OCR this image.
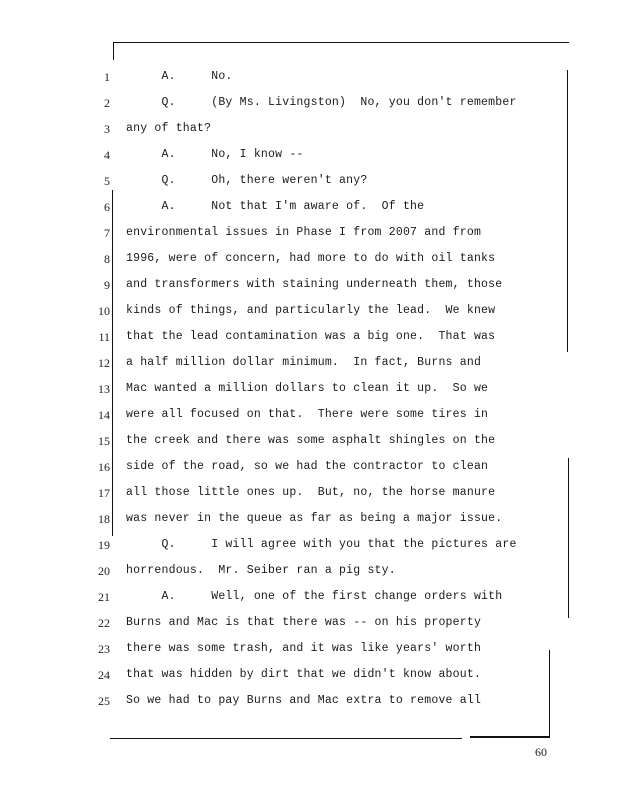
1 A.     No.
2 Q.     (By Ms. Livingston)  No, you don't remember
3 any of that?
4 A.     No, I know --
5 Q.     Oh, there weren't any?
6 A.     Not that I'm aware of.  Of the
7 environmental issues in Phase I from 2007 and from
8 1996, were of concern, had more to do with oil tanks
9 and transformers with staining underneath them, those
10 kinds of things, and particularly the lead.  We knew
11 that the lead contamination was a big one.  That was
12 a half million dollar minimum.  In fact, Burns and
13 Mac wanted a million dollars to clean it up.  So we
14 were all focused on that.  There were some tires in
15 the creek and there was some asphalt shingles on the
16 side of the road, so we had the contractor to clean
17 all those little ones up.  But, no, the horse manure
18 was never in the queue as far as being a major issue.
19 Q.     I will agree with you that the pictures are
20 horrendous.  Mr. Seiber ran a pig sty.
21 A.     Well, one of the first change orders with
22 Burns and Mac is that there was -- on his property
23 there was some trash, and it was like years' worth
24 that was hidden by dirt that we didn't know about.
25 So we had to pay Burns and Mac extra to remove all
60
